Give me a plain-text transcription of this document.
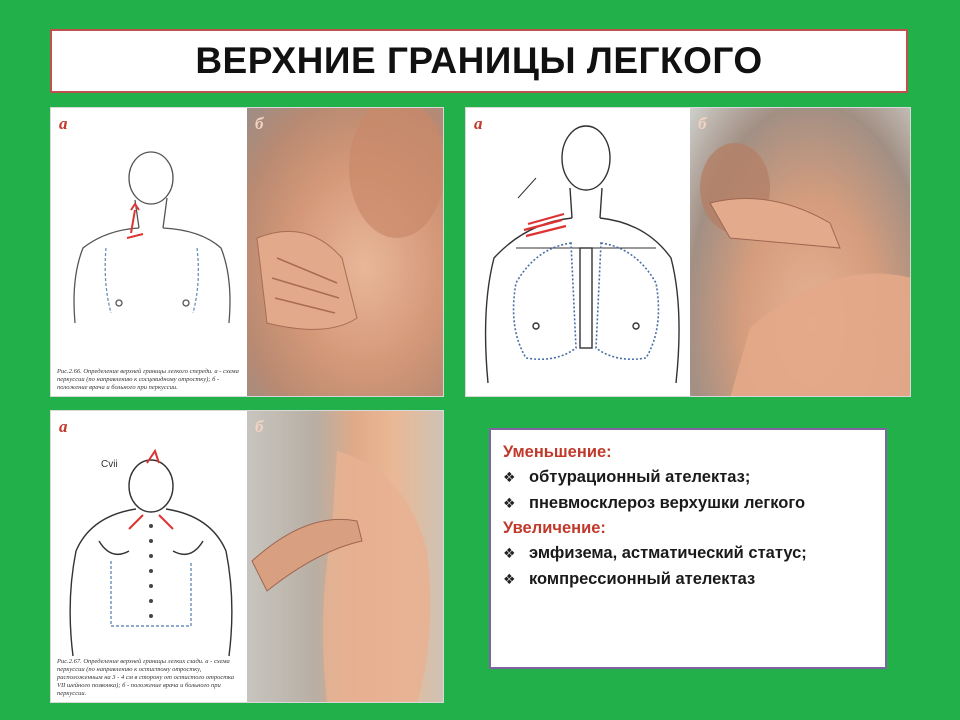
ВЕРХНИЕ ГРАНИЦЫ ЛЕГКОГО
а
Рис.2.66. Определение верхней границы легкого спереди. а - схема перкуссии (по направлению к сосцевидному отростку); б - положение врача и больного при перкуссии.
б	а	б
а
Cvii
Рис.2.67. Определение верхней границы легких сзади. а - схема перкуссии (по направлению к остистому отростку, расположенным на 3 - 4 см в сторону от остистого отростка VII шейного позвонка); б - положение врача и больного при перкуссии.
б
Уменьшение:
❖ обтурационный ателектаз;
❖ пневмосклероз верхушки легкого
Увеличение:
❖ эмфизема, астматический статус;
❖ компрессионный ателектаз
